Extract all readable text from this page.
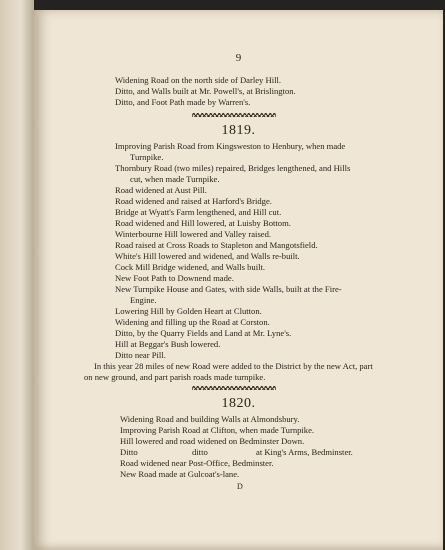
9
Widening Road on the north side of Darley Hill.
Ditto, and Walls built at Mr. Powell's, at Brislington.
Ditto, and Foot Path made by Warren's.
1819.
Improving Parish Road from Kingsweston to Henbury, when made
Turnpike.
Thornbury Road (two miles) repaired, Bridges lengthened, and Hills
cut, when made Turnpike.
Road widened at Aust Pill.
Road widened and raised at Harford's Bridge.
Bridge at Wyatt's Farm lengthened, and Hill cut.
Road widened and Hill lowered, at Luisby Bottom.
Winterbourne Hill lowered and Valley raised.
Road raised at Cross Roads to Stapleton and Mangotsfield.
White's Hill lowered and widened, and Walls re-built.
Cock Mill Bridge widened, and Walls built.
New Foot Path to Downend made.
New Turnpike House and Gates, with side Walls, built at the Fire-
Engine.
Lowering Hill by Golden Heart at Clutton.
Widening and filling up the Road at Corston.
Ditto, by the Quarry Fields and Land at Mr. Lyne's.
Hill at Beggar's Bush lowered.
Ditto near Pill.
In this year 28 miles of new Road were added to the District by the new Act, part
on new ground, and part parish roads made turnpike.
1820.
Widening Road and building Walls at Almondsbury.
Improving Parish Road at Clifton, when made Turnpike.
Hill lowered and road widened on Bedminster Down.
Ditto	ditto	at King's Arms, Bedminster.
Road widened near Post-Office, Bedminster.
New Road made at Gulcoat's-lane.
D
